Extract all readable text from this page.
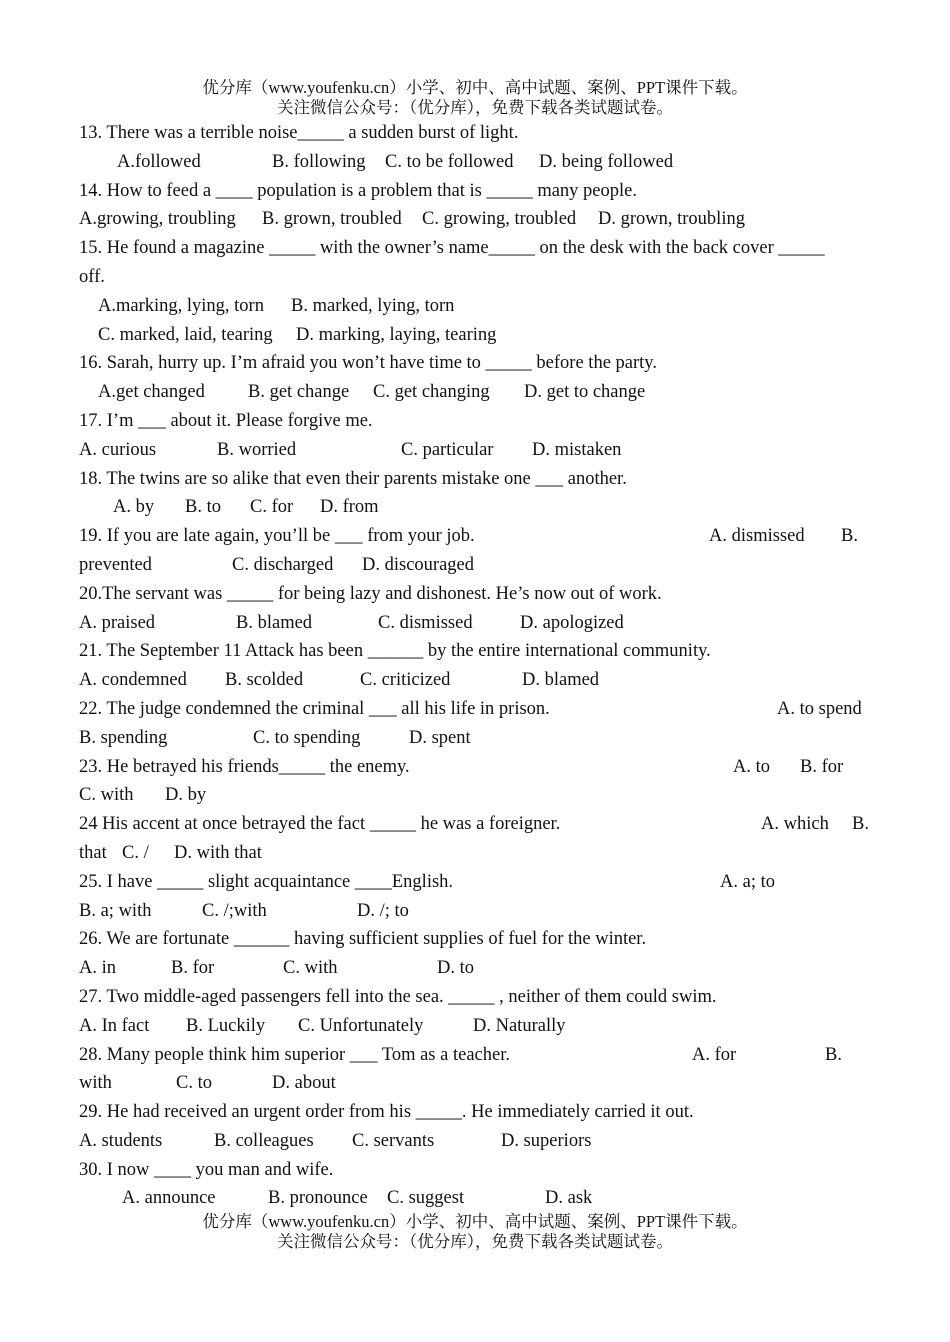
优分库（www.youfenku.cn）小学、初中、高中试题、案例、PPT课件下载。
关注微信公众号：（优分库），免费下载各类试题试卷。
13. There was a terrible noise_____ a sudden burst of light.
A.followed	B. following C. to be followed D. being followed
14. How to feed a ____ population is a problem that is _____ many people.
A.growing, troubling B. grown, troubled C. growing, troubled D. grown, troubling
15. He found a magazine _____ with the owner’s name_____ on the desk with the back cover _____
off.
A.marking, lying, torn B. marked, lying, torn
C. marked, laid, tearing D. marking, laying, tearing
16. Sarah, hurry up. I’m afraid you won’t have time to _____ before the party.
A.get changed B. get change C. get changing D. get to change
17. I’m ___ about it. Please forgive me.
A. curious	B. worried	C. particular D. mistaken
18. The twins are so alike that even their parents mistake one ___ another.
A. by B. to C. for D. from
19. If you are late again, you’ll be ___ from your job.	A. dismissed B.
prevented	C. discharged D. discouraged
20.The servant was _____ for being lazy and dishonest. He’s now out of work.
A. praised	B. blamed	C. dismissed	D. apologized
21. The September 11 Attack has been ______ by the entire international community.
A. condemned B. scolded	C. criticized	D. blamed
22. The judge condemned the criminal ___ all his life in prison.	A. to spend
B. spending	C. to spending	D. spent
23. He betrayed his friends_____ the enemy.	A. to B. for
C. with D. by
24 His accent at once betrayed the fact _____ he was a foreigner.	A. which B.
that C. / D. with that
25. I have _____ slight acquaintance ____English.	A. a; to
B. a; with	C. /;with	D. /; to
26. We are fortunate ______ having sufficient supplies of fuel for the winter.
A. in	B. for	C. with	D. to
27. Two middle-aged passengers fell into the sea. _____ , neither of them could swim.
A. In fact B. Luckily C. Unfortunately	D. Naturally
28. Many people think him superior ___ Tom as a teacher.	A. for	B.
with	C. to	D. about
29. He had received an urgent order from his _____. He immediately carried it out.
A. students	B. colleagues C. servants	D. superiors
30. I now ____ you man and wife.
A. announce	B. pronounce C. suggest	D. ask
优分库（www.youfenku.cn）小学、初中、高中试题、案例、PPT课件下载。
关注微信公众号：（优分库），免费下载各类试题试卷。
